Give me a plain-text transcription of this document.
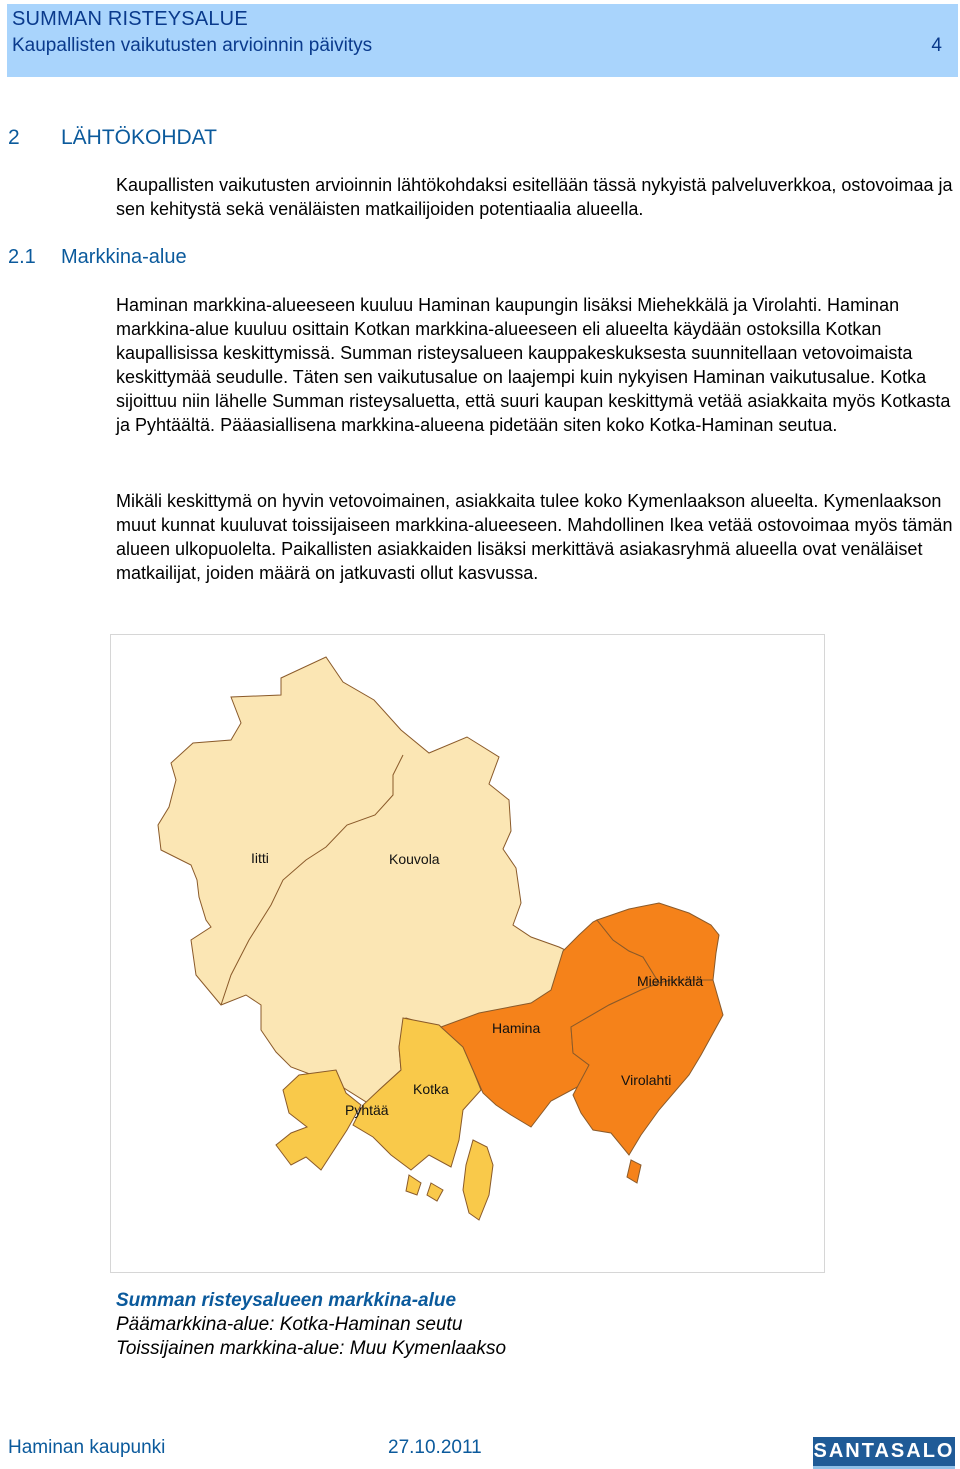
SUMMAN RISTEYSALUE
Kaupallisten vaikutusten arvioinnin päivitys	4
2 LÄHTÖKOHDAT

Kaupallisten vaikutusten arvioinnin lähtökohdaksi esitellään tässä nykyistä palveluverkkoa, ostovoimaa ja sen kehitystä sekä venäläisten matkailijoiden potentiaalia alueella.

2.1 Markkina-alue

Haminan markkina-alueeseen kuuluu Haminan kaupungin lisäksi Miehekkälä ja Virolahti. Haminan markkina-alue kuuluu osittain Kotkan markkina-alueeseen eli alueelta käydään ostoksilla Kotkan kaupallisissa keskittymissä. Summan risteysalueen kauppakeskuksesta suunnitellaan vetovoimaista keskittymää seudulle. Täten sen vaikutusalue on laajempi kuin nykyisen Haminan vaikutusalue. Kotka sijoittuu niin lähelle Summan risteysaluetta, että suuri kaupan keskittymä vetää asiakkaita myös Kotkasta ja Pyhtäältä. Pääasiallisena markkina-alueena pidetään siten koko Kotka-Haminan seutua.

Mikäli keskittymä on hyvin vetovoimainen, asiakkaita tulee koko Kymenlaakson alueelta. Kymenlaakson muut kunnat kuuluvat toissijaiseen markkina-alueeseen. Mahdollinen Ikea vetää ostovoimaa myös tämän alueen ulkopuolelta. Paikallisten asiakkaiden lisäksi merkittävä asiakasryhmä alueella ovat venäläiset matkailijat, joiden määrä on jatkuvasti ollut kasvussa.

Iitti	Kouvola
Miehikkälä
Hamina
Virolahti
Kotka
Pyhtää
Summan risteysalueen markkina-alue
Päämarkkina-alue: Kotka-Haminan seutu
Toissijainen markkina-alue: Muu Kymenlaakso
Haminan kaupunki	27.10.2011	SANTASALO
